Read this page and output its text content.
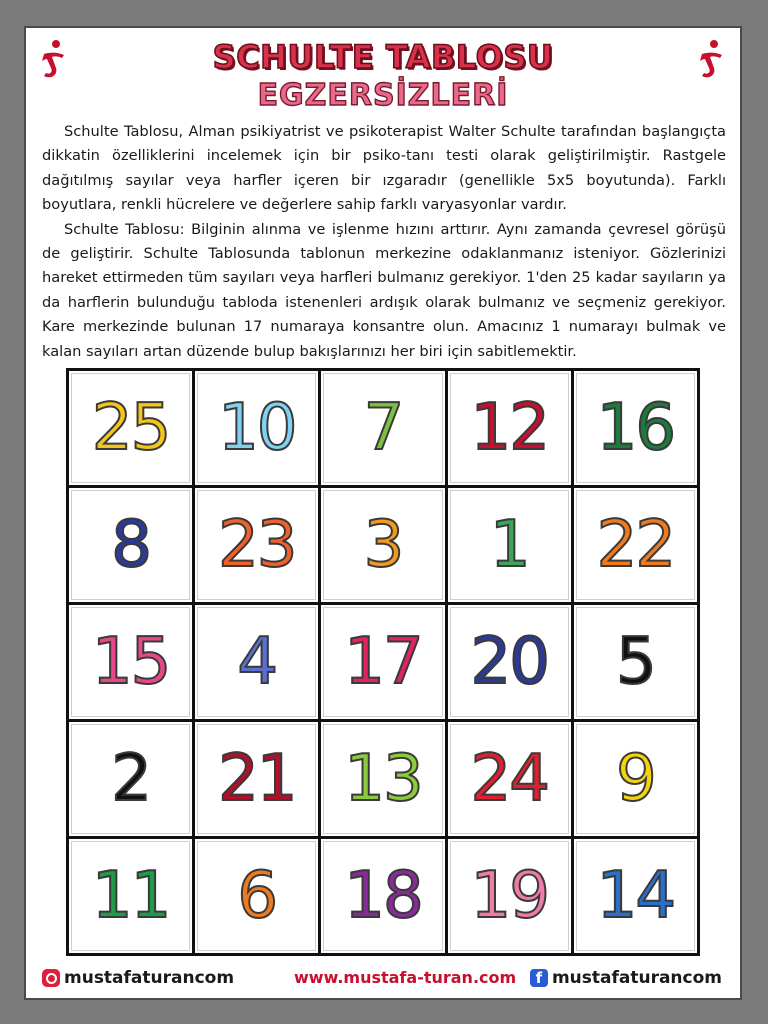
SCHULTE TABLOSU
EGZERSİZLERİ

Schulte Tablosu, Alman psikiyatrist ve psikoterapist Walter Schulte tarafından başlangıçta dikkatin özelliklerini incelemek için bir psiko-tanı testi olarak geliştirilmiştir. Rastgele dağıtılmış sayılar veya harfler içeren bir ızgaradır (genellikle 5x5 boyutunda). Farklı boyutlara, renkli hücrelere ve değerlere sahip farklı varyasyonlar vardır.

Schulte Tablosu: Bilginin alınma ve işlenme hızını arttırır. Aynı zamanda çevresel görüşü de geliştirir. Schulte Tablosunda tablonun merkezine odaklanmanız isteniyor. Gözlerinizi hareket ettirmeden tüm sayıları veya harfleri bulmanız gerekiyor. 1'den 25 kadar sayıların ya da harflerin bulunduğu tabloda istenenleri ardışık olarak bulmanız ve seçmeniz gerekiyor. Kare merkezinde bulunan 17 numaraya konsantre olun. Amacınız 1 numarayı bulmak ve kalan sayıları artan düzende bulup bakışlarınızı her biri için sabitlemektir.

25 10 7 12 16
8 23 3 1 22
15 4 17 20 5
2 21 13 24 9
11 6 18 19 14
mustafaturancom	www.mustafa-turan.com	f mustafaturancom
